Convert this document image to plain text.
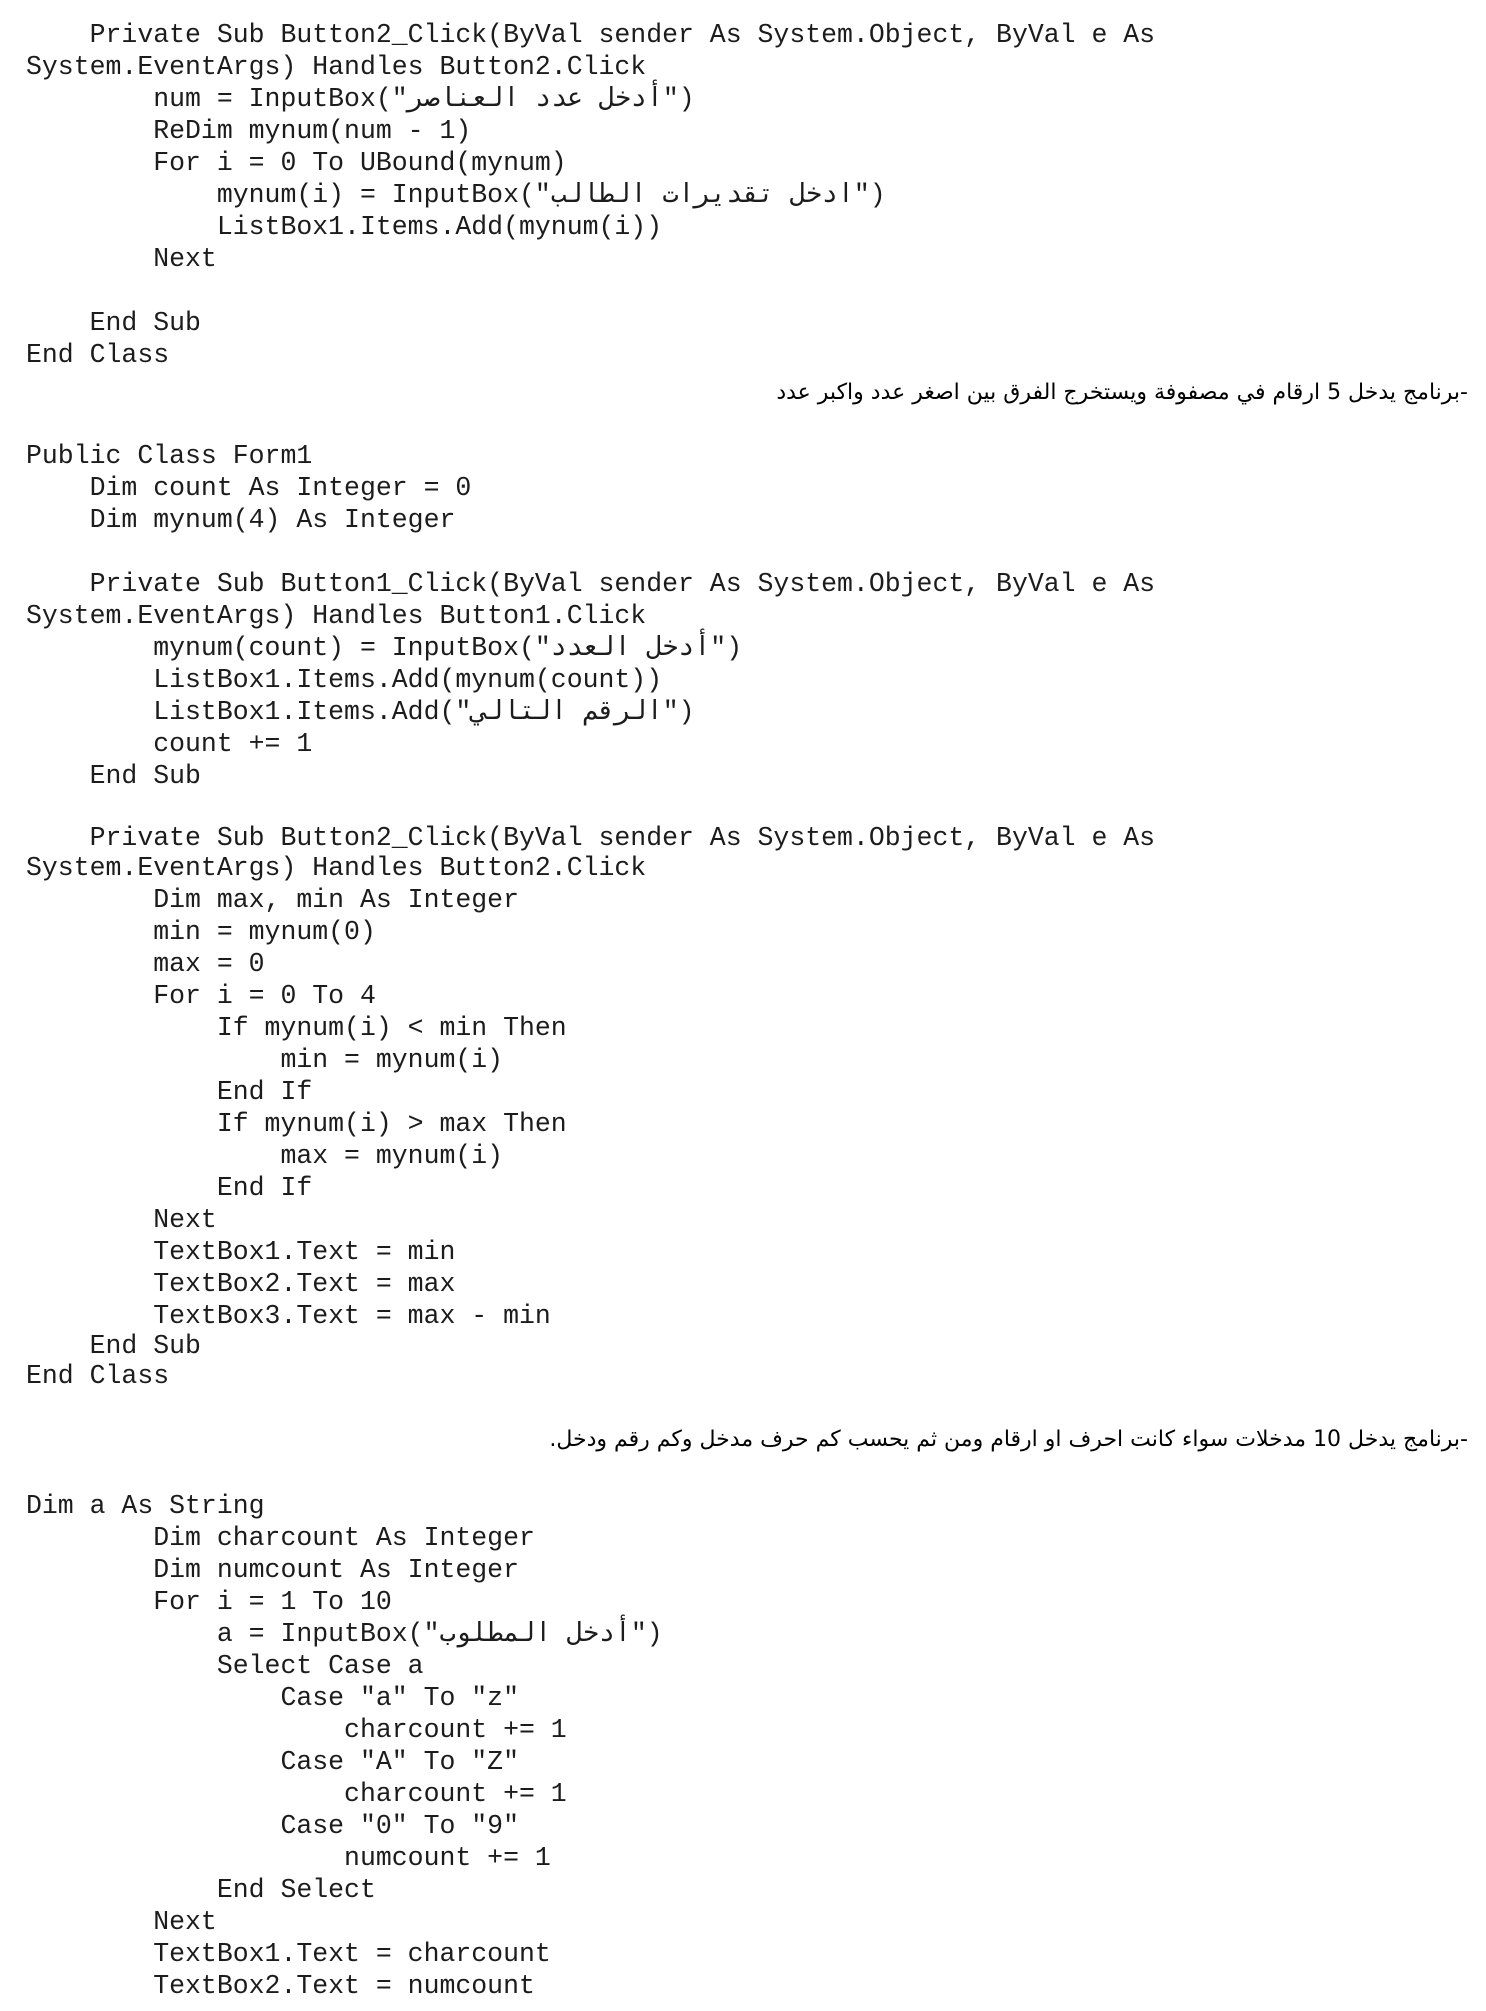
Private Sub Button2_Click(ByVal sender As System.Object, ByVal e As
System.EventArgs) Handles Button2.Click
num = InputBox("أدخل عدد العناصر")
ReDim mynum(num - 1)
For i = 0 To UBound(mynum)
mynum(i) = InputBox("ادخل تقديرات الطالب")
ListBox1.Items.Add(mynum(i))
Next
End Sub
End Class
-برنامج يدخل 5 ارقام في مصفوفة ويستخرج الفرق بين اصغر عدد واكبر عدد
Public Class Form1
Dim count As Integer = 0
Dim mynum(4) As Integer
Private Sub Button1_Click(ByVal sender As System.Object, ByVal e As
System.EventArgs) Handles Button1.Click
mynum(count) = InputBox("أدخل العدد")
ListBox1.Items.Add(mynum(count))
ListBox1.Items.Add("الرقم التالي")
count += 1
End Sub
Private Sub Button2_Click(ByVal sender As System.Object, ByVal e As
System.EventArgs) Handles Button2.Click
Dim max, min As Integer
min = mynum(0)
max = 0
For i = 0 To 4
If mynum(i) < min Then
min = mynum(i)
End If
If mynum(i) > max Then
max = mynum(i)
End If
Next
TextBox1.Text = min
TextBox2.Text = max
TextBox3.Text = max - min
End Sub
End Class
-برنامج يدخل 10 مدخلات سواء كانت احرف او ارقام ومن ثم يحسب كم حرف مدخل وكم رقم ودخل.
Dim a As String
Dim charcount As Integer
Dim numcount As Integer
For i = 1 To 10
a = InputBox("أدخل المطلوب")
Select Case a
Case "a" To "z"
charcount += 1
Case "A" To "Z"
charcount += 1
Case "0" To "9"
numcount += 1
End Select
Next
TextBox1.Text = charcount
TextBox2.Text = numcount
